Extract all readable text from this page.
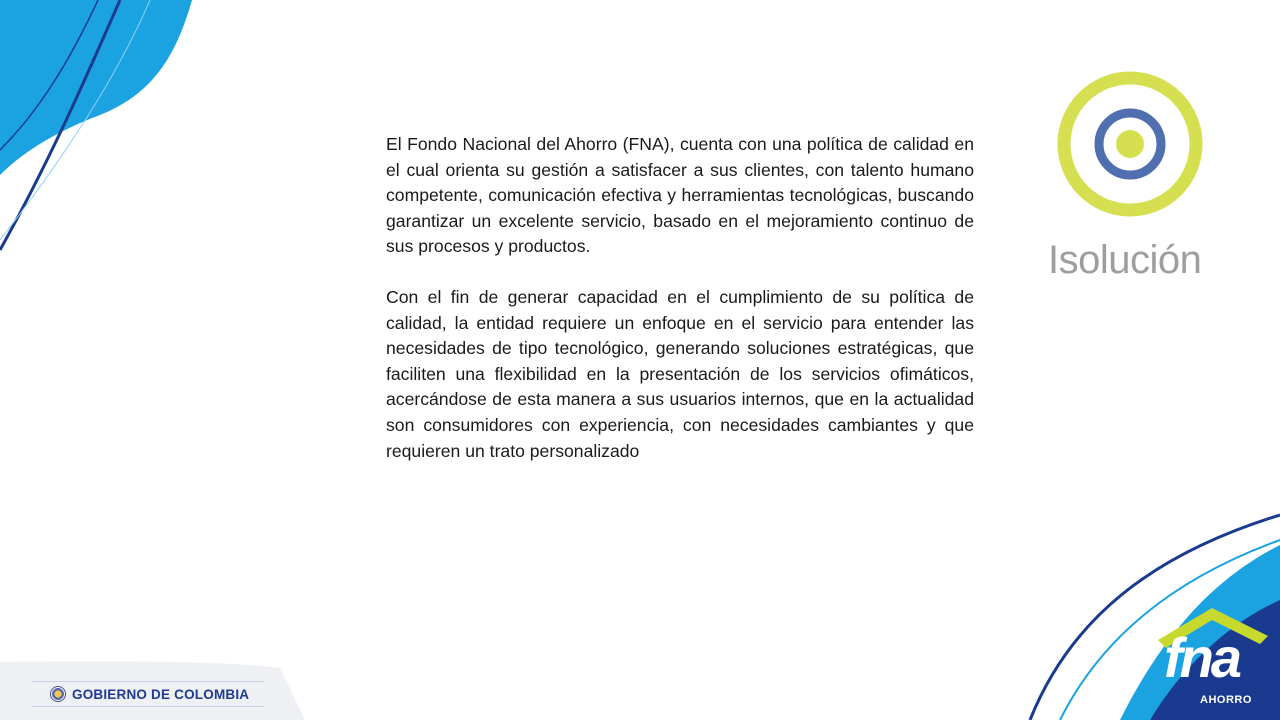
Isolución

El Fondo Nacional del Ahorro (FNA), cuenta con una política de calidad en el cual orienta su gestión a satisfacer a sus clientes, con talento humano competente, comunicación efectiva y herramientas tecnológicas, buscando garantizar un excelente servicio, basado en el mejoramiento continuo de sus procesos y productos.

Con el fin de generar capacidad en el cumplimiento de su política de calidad, la entidad requiere un enfoque en el servicio para entender las necesidades de tipo tecnológico, generando soluciones estratégicas, que faciliten una flexibilidad en la presentación de los servicios ofimáticos, acercándose de esta manera a sus usuarios internos, que en la actualidad son consumidores con experiencia, con necesidades cambiantes y que requieren un trato personalizado

GOBIERNO DE COLOMBIA
fna
AHORRO
